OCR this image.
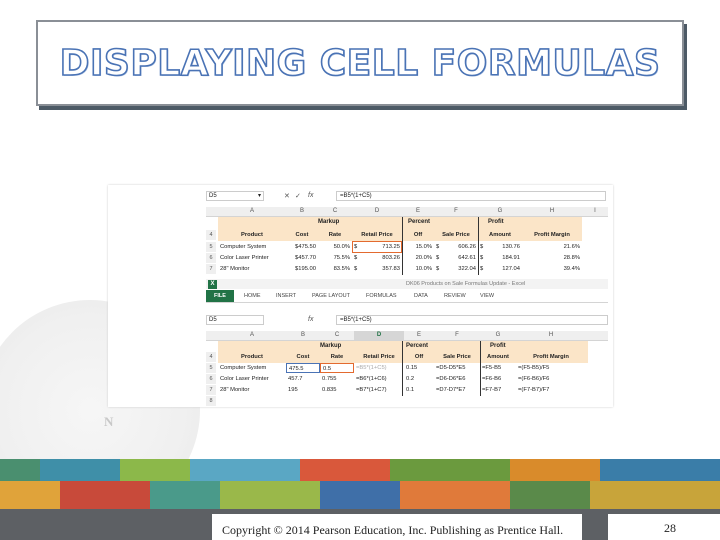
N
DISPLAYING CELL FORMULAS
D5	▾	fx
✕ ✓	=B5*(1+C5)
A	B	C	D	E	F	G	H	I
Markup	Percent	Profit
4	Product	Cost	Rate	Retail Price	Off	Sale Price	Amount	Profit Margin
5	Computer System	$475.50	50.0% $	713.25	15.0% $	606.26 $	130.76	21.6%
6	Color Laser Printer	$457.70	75.5% $	803.26	20.0% $	642.61 $	184.91	28.8%
7	28" Monitor	$195.00	83.5% $	357.83	10.0% $	322.04 $	127.04	39.4%
X	DK06 Products on Sale Formulas Update - Excel
FILE	HOME	INSERT	PAGE LAYOUT	FORMULAS	DATA	REVIEW	VIEW
D5	fx	=B5*(1+C5)
A	B	C	D	E	F	G	H
Markup	Percent	Profit
4	Product	Cost	Rate	Retail Price	Off	Sale Price	Amount	Profit Margin
5	Computer System	475.5	0.5	=B5*(1+C5)	0.15	=D5-D5*E5	=F5-B5	=(F5-B5)/F5
6	Color Laser Printer	457.7	0.755	=B6*(1+C6)	0.2	=D6-D6*E6	=F6-B6	=(F6-B6)/F6
7	28" Monitor	195	0.835	=B7*(1+C7)	0.1	=D7-D7*E7	=F7-B7	=(F7-B7)/F7
8
Copyright © 2014 Pearson Education, Inc. Publishing as Prentice Hall.	28
